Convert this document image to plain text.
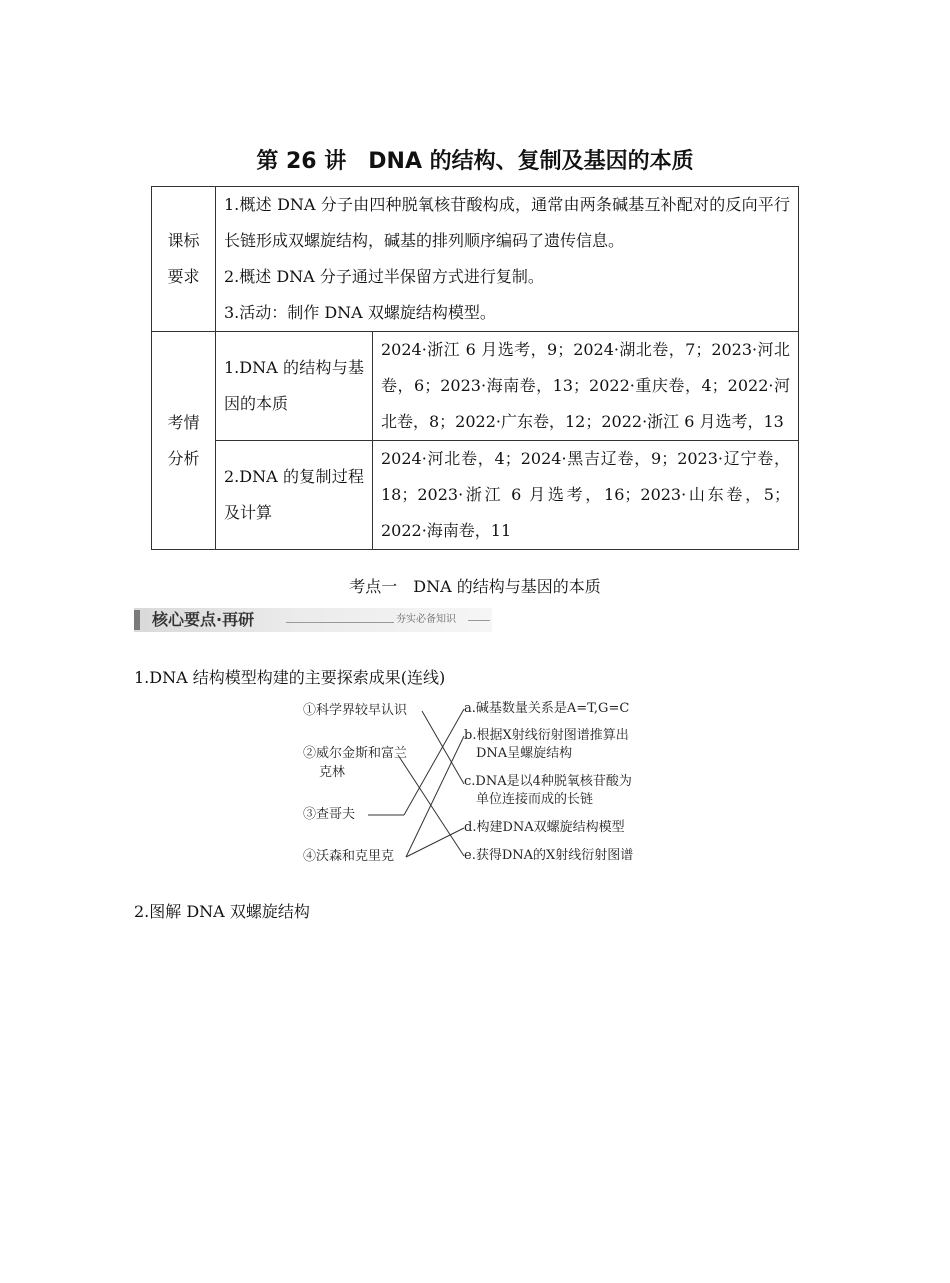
第 26 讲　DNA 的结构、复制及基因的本质
课标
要求	1.概述 DNA 分子由四种脱氧核苷酸构成，通常由两条碱基互补配对的反向平行长链形成双螺旋结构，碱基的排列顺序编码了遗传信息。
2.概述 DNA 分子通过半保留方式进行复制。
3.活动：制作 DNA 双螺旋结构模型。	

考情
分析	1.DNA 的结构与基因的本质	2024·浙江 6 月选考，9；2024·湖北卷，7；2023·河北卷，6；2023·海南卷，13；2022·重庆卷，4；2022·河北卷，8；2022·广东卷，12；2022·浙江 6 月选考，13
	2.DNA 的复制过程及计算	2024·河北卷，4；2024·黑吉辽卷，9；2023·辽宁卷，18；2023·浙江 6 月选考，16；2023·山东卷，5；2022·海南卷，11
考点一　DNA 的结构与基因的本质
核心要点·再研	夯实必备知识
1.DNA 结构模型构建的主要探索成果(连线)
①科学界较早认识
②威尔金斯和富兰
克林
③查哥夫
④沃森和克里克
a.碱基数量关系是A=T,G=C
b.根据X射线衍射图谱推算出
DNA呈螺旋结构
c.DNA是以4种脱氧核苷酸为
单位连接而成的长链
d.构建DNA双螺旋结构模型
e.获得DNA的X射线衍射图谱
2.图解 DNA 双螺旋结构
